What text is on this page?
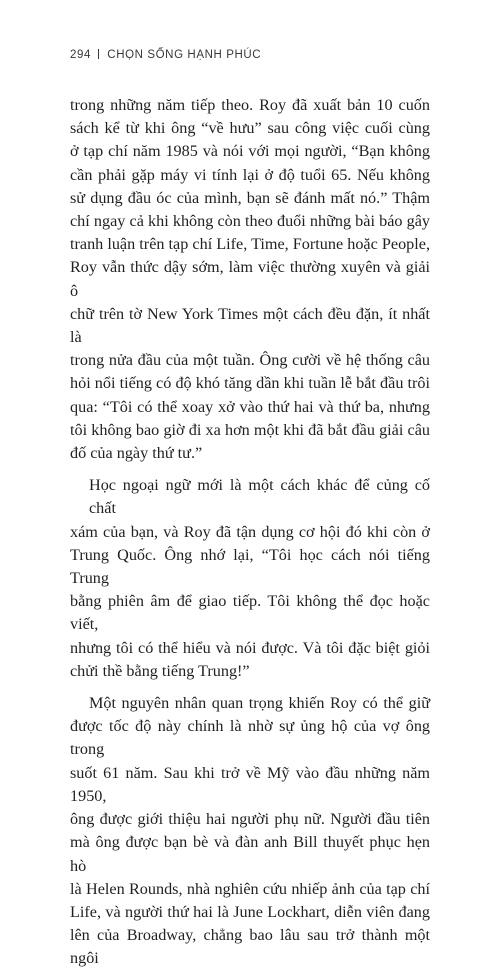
294 CHỌN SỐNG HẠNH PHÚC

trong những năm tiếp theo. Roy đã xuất bản 10 cuốn
sách kể từ khi ông “về hưu” sau công việc cuối cùng
ở tạp chí năm 1985 và nói với mọi người, “Bạn không
cần phải gặp máy vi tính lại ở độ tuổi 65. Nếu không
sử dụng đầu óc của mình, bạn sẽ đánh mất nó.” Thậm
chí ngay cả khi không còn theo đuổi những bài báo gây
tranh luận trên tạp chí Life, Time, Fortune hoặc People,
Roy vẫn thức dậy sớm, làm việc thường xuyên và giải ô
chữ trên tờ New York Times một cách đều đặn, ít nhất là
trong nửa đầu của một tuần. Ông cười về hệ thống câu
hỏi nổi tiếng có độ khó tăng dần khi tuần lễ bắt đầu trôi
qua: “Tôi có thể xoay xở vào thứ hai và thứ ba, nhưng
tôi không bao giờ đi xa hơn một khi đã bắt đầu giải câu
đố của ngày thứ tư.”

Học ngoại ngữ mới là một cách khác để củng cố chất
xám của bạn, và Roy đã tận dụng cơ hội đó khi còn ở
Trung Quốc. Ông nhớ lại, “Tôi học cách nói tiếng Trung
bằng phiên âm để giao tiếp. Tôi không thể đọc hoặc viết,
nhưng tôi có thể hiểu và nói được. Và tôi đặc biệt giỏi
chửi thề bằng tiếng Trung!”

Một nguyên nhân quan trọng khiến Roy có thể giữ
được tốc độ này chính là nhờ sự ủng hộ của vợ ông trong
suốt 61 năm. Sau khi trở về Mỹ vào đầu những năm 1950,
ông được giới thiệu hai người phụ nữ. Người đầu tiên
mà ông được bạn bè và đàn anh Bill thuyết phục hẹn hò
là Helen Rounds, nhà nghiên cứu nhiếp ảnh của tạp chí
Life, và người thứ hai là June Lockhart, diễn viên đang
lên của Broadway, chẳng bao lâu sau trở thành một ngôi
